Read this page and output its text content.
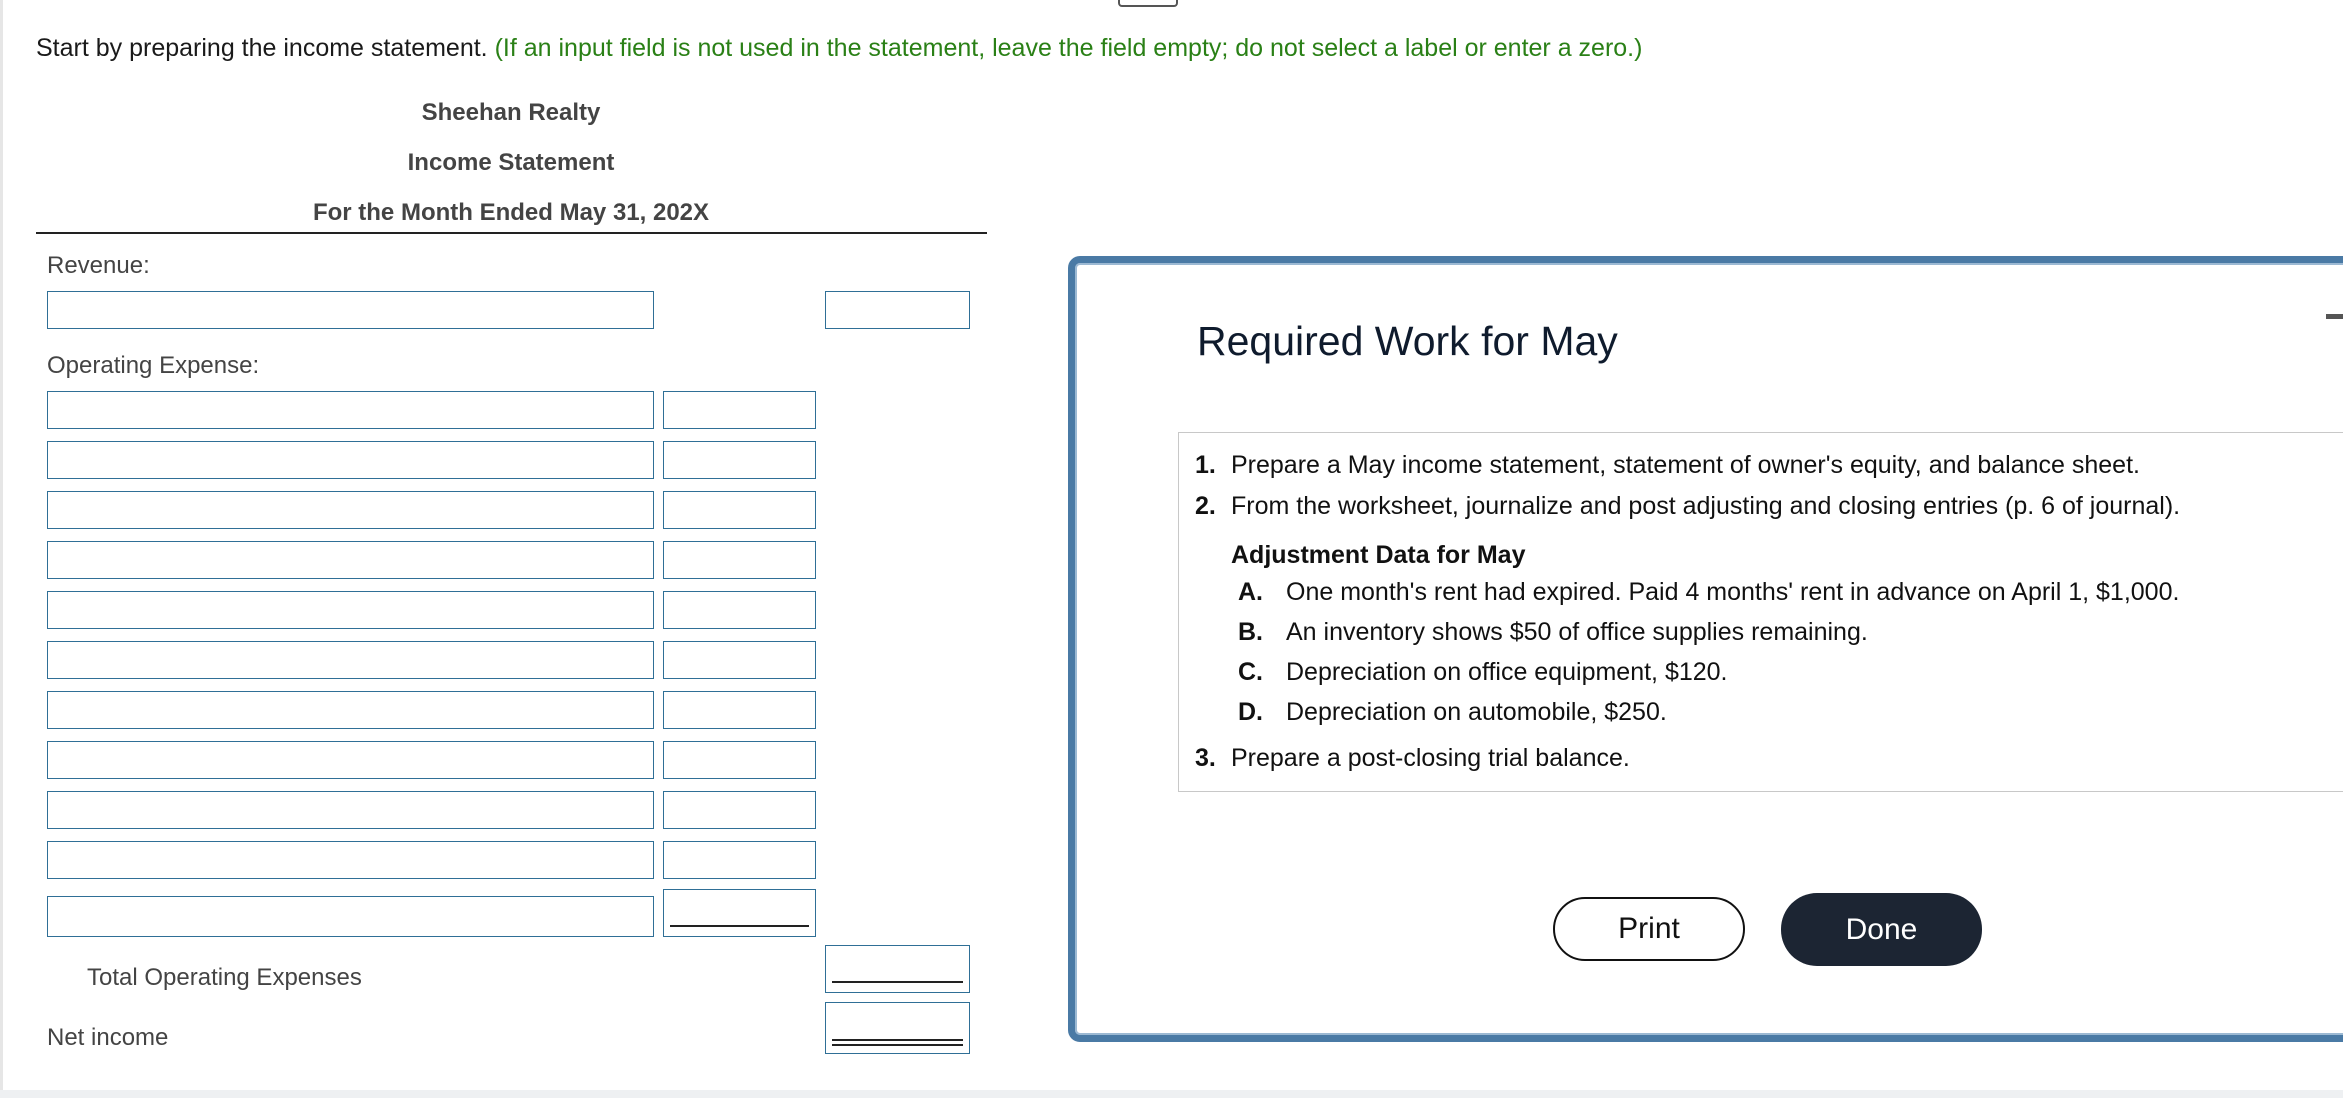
Start by preparing the income statement. (If an input field is not used in the statement, leave the field empty; do not select a label or enter a zero.)
Sheehan Realty
Income Statement
For the Month Ended May 31, 202X
Revenue:
Operating Expense:
Total Operating Expenses
Net income
Required Work for May
1. Prepare a May income statement, statement of owner's equity, and balance sheet.
2. From the worksheet, journalize and post adjusting and closing entries (p. 6 of journal).
Adjustment Data for May
A. One month's rent had expired. Paid 4 months' rent in advance on April 1, $1,000.
B. An inventory shows $50 of office supplies remaining.
C. Depreciation on office equipment, $120.
D. Depreciation on automobile, $250.
3. Prepare a post-closing trial balance.
Print	Done
